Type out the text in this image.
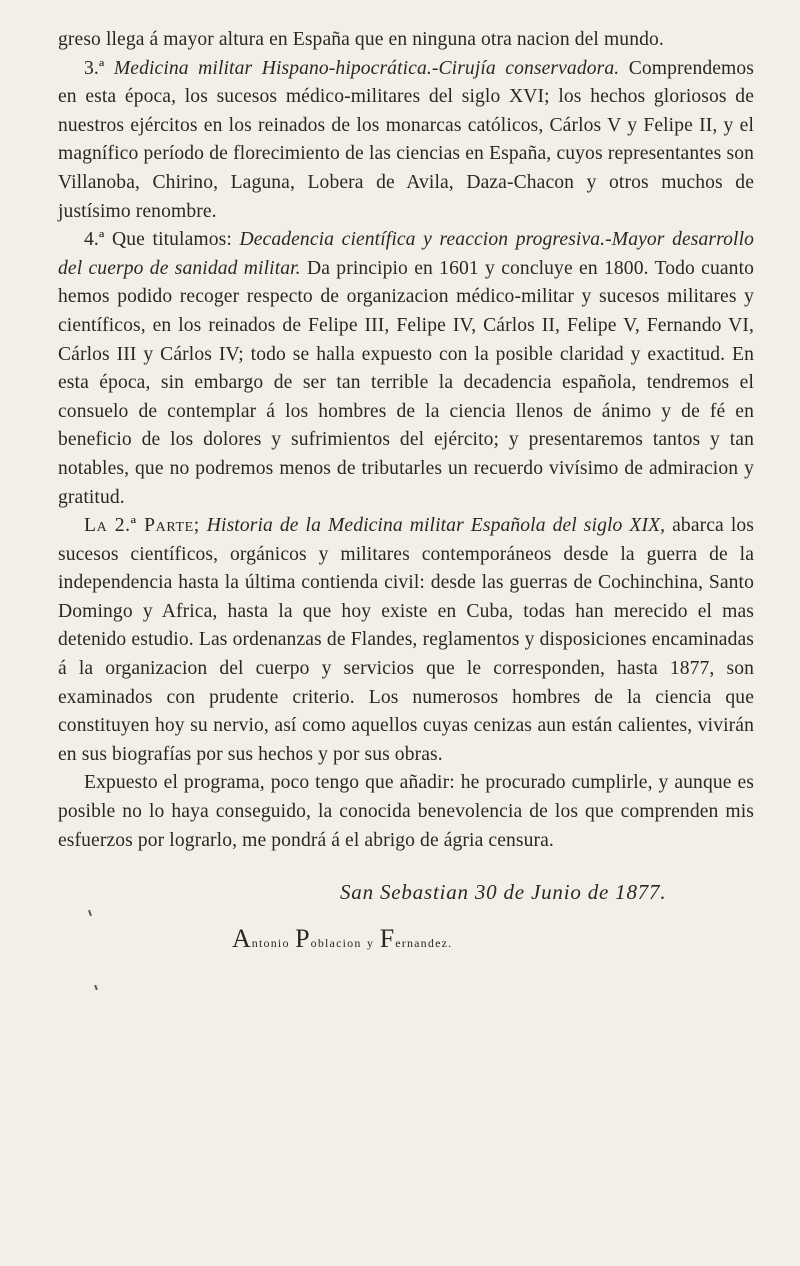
greso llega á mayor altura en España que en ninguna otra nacion del mundo.

3.ª Medicina militar Hispano-hipocrática.-Cirujía conservadora. Comprendemos en esta época, los sucesos médico-militares del siglo XVI; los hechos gloriosos de nuestros ejércitos en los reinados de los monarcas católicos, Cárlos V y Felipe II, y el magnífico período de florecimiento de las ciencias en España, cuyos representantes son Villanoba, Chirino, Laguna, Lobera de Avila, Daza-Chacon y otros muchos de justísimo renombre.

4.ª Que titulamos: Decadencia científica y reaccion progresiva.-Mayor desarrollo del cuerpo de sanidad militar. Da principio en 1601 y concluye en 1800. Todo cuanto hemos podido recoger respecto de organizacion médico-militar y sucesos militares y científicos, en los reinados de Felipe III, Felipe IV, Cárlos II, Felipe V, Fernando VI, Cárlos III y Cárlos IV; todo se halla expuesto con la posible claridad y exactitud. En esta época, sin embargo de ser tan terrible la decadencia española, tendremos el consuelo de contemplar á los hombres de la ciencia llenos de ánimo y de fé en beneficio de los dolores y sufrimientos del ejército; y presentaremos tantos y tan notables, que no podremos menos de tributarles un recuerdo vivísimo de admiracion y gratitud.

La 2.ª Parte; Historia de la Medicina militar Española del siglo XIX, abarca los sucesos científicos, orgánicos y militares contemporáneos desde la guerra de la independencia hasta la última contienda civil: desde las guerras de Cochinchina, Santo Domingo y Africa, hasta la que hoy existe en Cuba, todas han merecido el mas detenido estudio. Las ordenanzas de Flandes, reglamentos y disposiciones encaminadas á la organizacion del cuerpo y servicios que le corresponden, hasta 1877, son examinados con prudente criterio. Los numerosos hombres de la ciencia que constituyen hoy su nervio, así como aquellos cuyas cenizas aun están calientes, vivirán en sus biografías por sus hechos y por sus obras.

Expuesto el programa, poco tengo que añadir: he procurado cumplirle, y aunque es posible no lo haya conseguido, la conocida benevolencia de los que comprenden mis esfuerzos por lograrlo, me pondrá á el abrigo de ágria censura.

San Sebastian 30 de Junio de 1877.
Antonio Poblacion y Fernandez.
